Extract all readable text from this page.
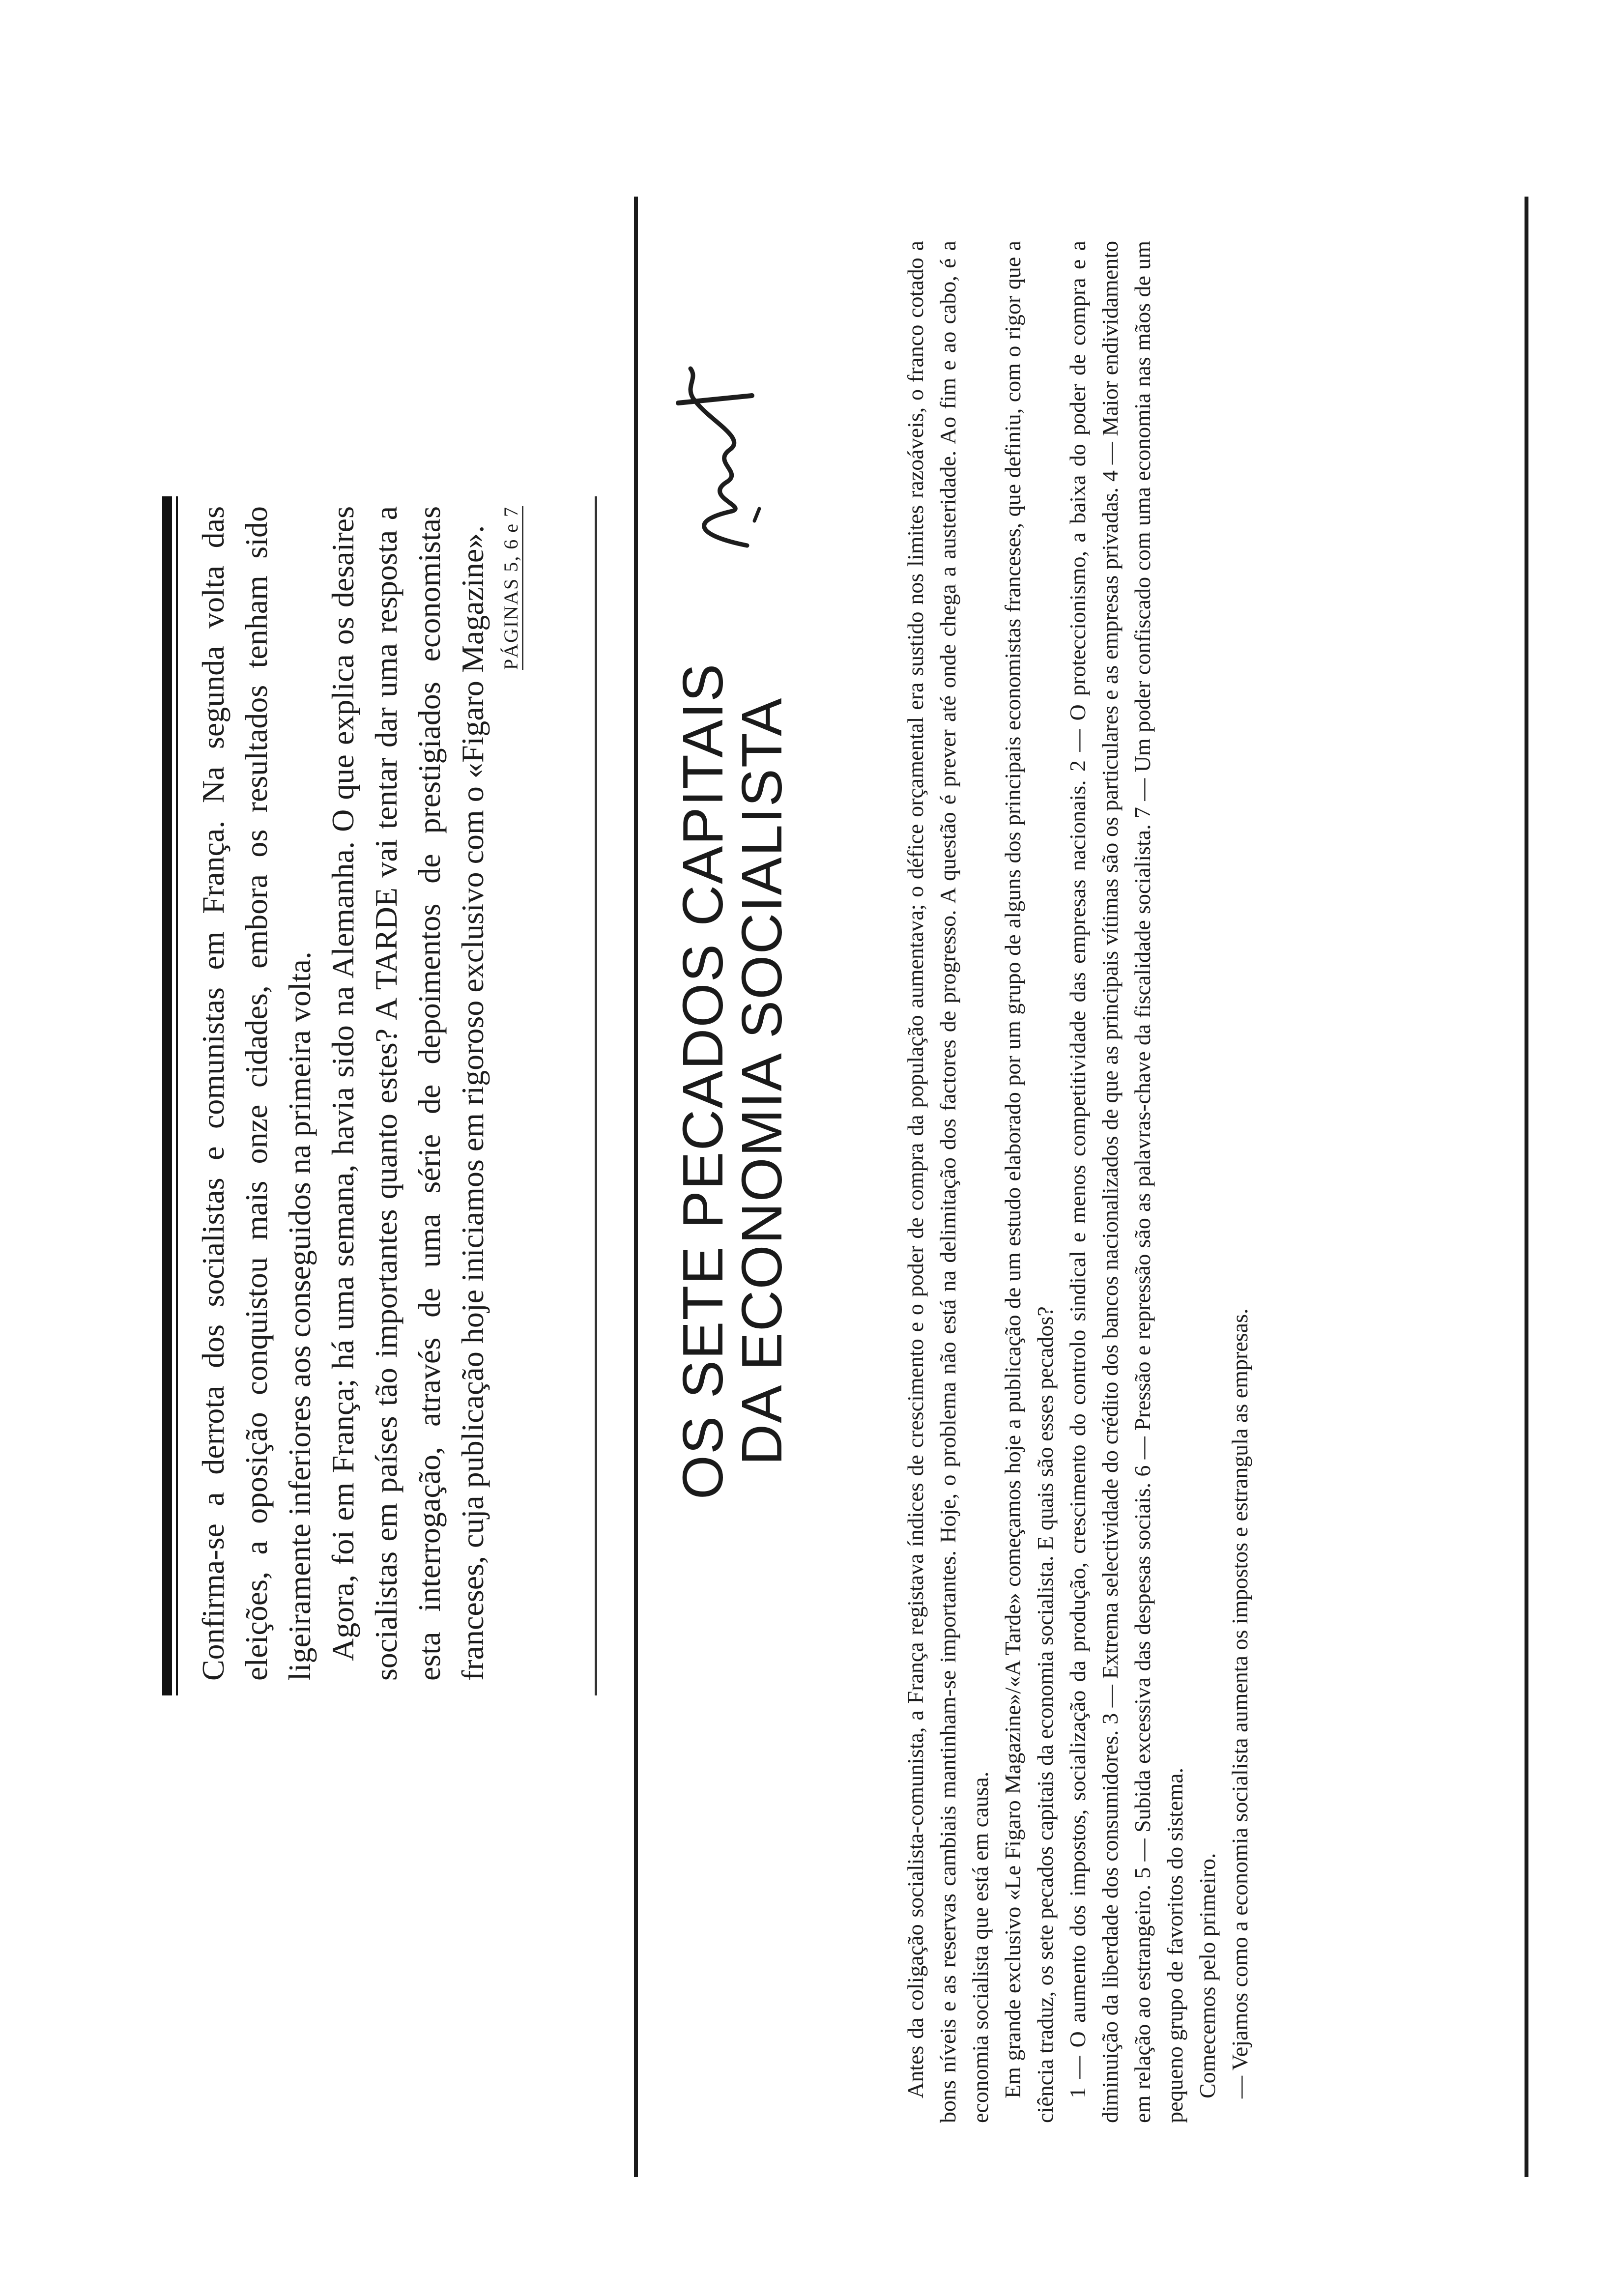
Confirma-se a derrota dos socialistas e comunistas em França. Na segunda volta das eleições, a oposição conquistou mais onze cidades, embora os resultados tenham sido ligeiramente inferiores aos conseguidos na primeira volta. Agora, foi em França; há uma semana, havia sido na Alemanha. O que explica os desaires socialistas em países tão importantes quanto estes? A TARDE vai tentar dar uma resposta a esta interrogação, através de uma série de depoimentos de prestigiados economistas franceses, cuja publicação hoje iniciamos em rigoroso exclusivo com o «Figaro Magazine». PÁGINAS 5, 6 e 7
OS SETE PECADOS CAPITAIS
DA ECONOMIA SOCIALISTA	Antes da coligação socialista-comunista, a França registava índices de crescimento e o poder de compra da população aumentava; o défice orçamental era sustido nos limites razoáveis, o franco cotado a bons níveis e as reservas cambiais mantinham-se importantes. Hoje, o problema não está na delimitação dos factores de progresso. A questão é prever até onde chega a austeridade. Ao fim e ao cabo, é a economia socialista que está em causa. Em grande exclusivo «Le Figaro Magazine»/«A Tarde» começamos hoje a publicação de um estudo elaborado por um grupo de alguns dos principais economistas franceses, que definiu, com o rigor que a ciência traduz, os sete pecados capitais da economia socialista. E quais são esses pecados? 1 — O aumento dos impostos, socialização da produção, crescimento do controlo sindical e menos competitividade das empresas nacionais. 2 — O proteccionismo, a baixa do poder de compra e a diminuição da liberdade dos consumidores. 3 — Extrema selectividade do crédito dos bancos nacionalizados de que as principais vítimas são os particulares e as empresas privadas. 4 — Maior endividamento em relação ao estrangeiro. 5 — Subida excessiva das despesas sociais. 6 — Pressão e repressão são as palavras-chave da fiscalidade socialista. 7 — Um poder confiscado com uma economia nas mãos de um pequeno grupo de favoritos do sistema. Comecemos pelo primeiro. — Vejamos como a economia socialista aumenta os impostos e estrangula as empresas.
